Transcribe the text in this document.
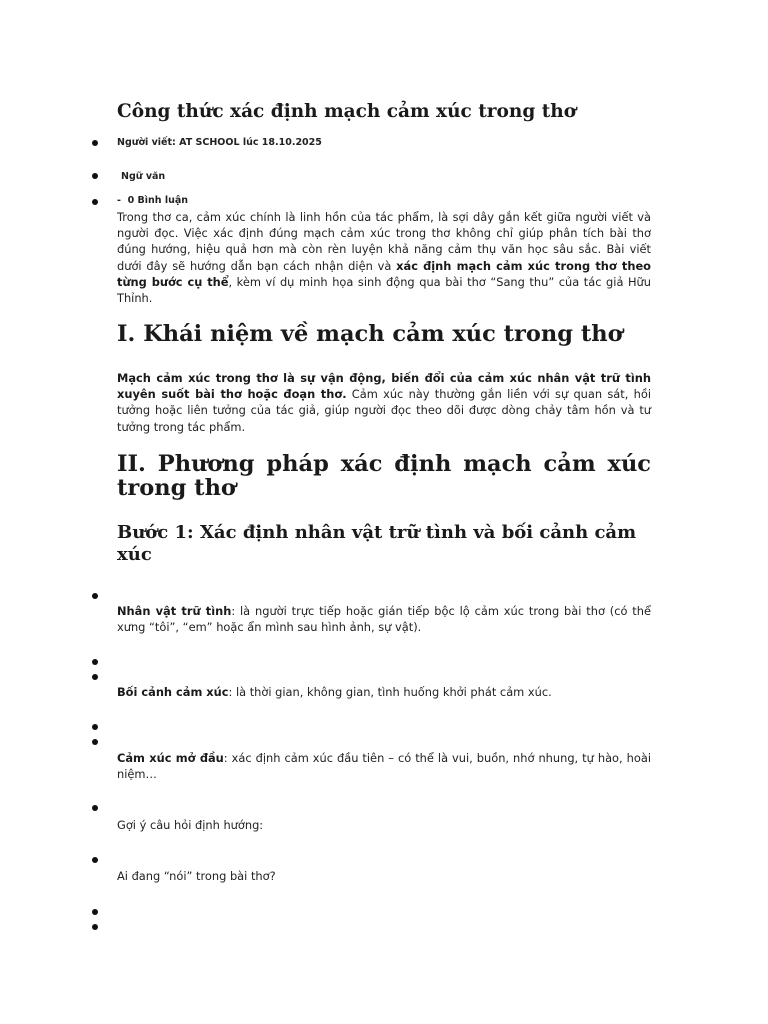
Công thức xác định mạch cảm xúc trong thơ
Người viết: AT SCHOOL lúc 18.10.2025
Ngữ văn
- 0 Bình luận
Trong thơ ca, cảm xúc chính là linh hồn của tác phẩm, là sợi dây gắn kết giữa người viết và người đọc. Việc xác định đúng mạch cảm xúc trong thơ không chỉ giúp phân tích bài thơ đúng hướng, hiệu quả hơn mà còn rèn luyện khả năng cảm thụ văn học sâu sắc. Bài viết dưới đây sẽ hướng dẫn bạn cách nhận diện và xác định mạch cảm xúc trong thơ theo từng bước cụ thể, kèm ví dụ minh họa sinh động qua bài thơ “Sang thu” của tác giả Hữu Thỉnh.
I. Khái niệm về mạch cảm xúc trong thơ
Mạch cảm xúc trong thơ là sự vận động, biến đổi của cảm xúc nhân vật trữ tình xuyên suốt bài thơ hoặc đoạn thơ. Cảm xúc này thường gắn liền với sự quan sát, hồi tưởng hoặc liên tưởng của tác giả, giúp người đọc theo dõi được dòng chảy tâm hồn và tư tưởng trong tác phẩm.
II. Phương pháp xác định mạch cảm xúc trong thơ
Bước 1: Xác định nhân vật trữ tình và bối cảnh cảm xúc
Nhân vật trữ tình: là người trực tiếp hoặc gián tiếp bộc lộ cảm xúc trong bài thơ (có thể xưng “tôi”, “em” hoặc ẩn mình sau hình ảnh, sự vật).
Bối cảnh cảm xúc: là thời gian, không gian, tình huống khởi phát cảm xúc.
Cảm xúc mở đầu: xác định cảm xúc đầu tiên – có thể là vui, buồn, nhớ nhung, tự hào, hoài niệm…
Gợi ý câu hỏi định hướng:
Ai đang “nói” trong bài thơ?
